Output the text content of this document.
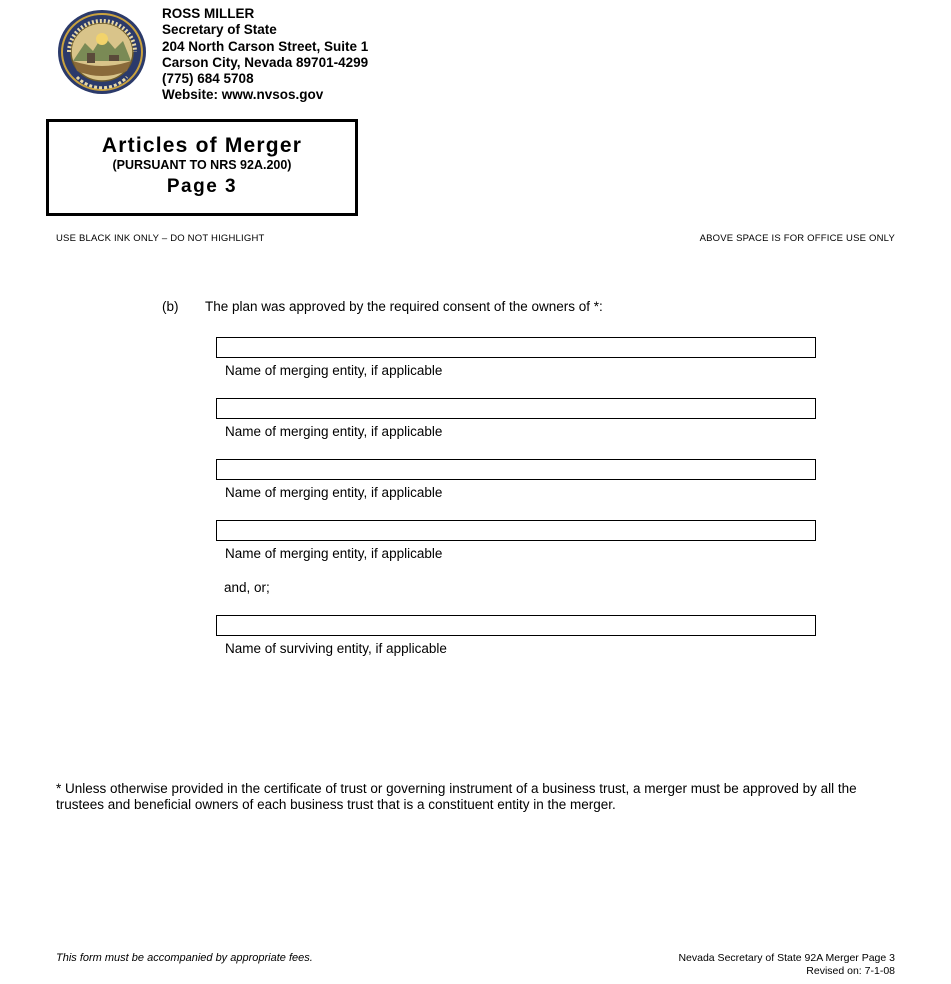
ROSS MILLER
Secretary of State
204 North Carson Street, Suite 1
Carson City, Nevada 89701-4299
(775) 684 5708
Website: www.nvsos.gov
Articles of Merger
(PURSUANT TO NRS 92A.200)
Page 3
USE BLACK INK ONLY – DO NOT HIGHLIGHT	ABOVE SPACE IS FOR OFFICE USE ONLY
(b) The plan was approved by the required consent of the owners of *:
Name of merging entity, if applicable
Name of merging entity, if applicable
Name of merging entity, if applicable
Name of merging entity, if applicable
and, or;
Name of surviving entity, if applicable
* Unless otherwise provided in the certificate of trust or governing instrument of a business trust, a merger must be approved by all the trustees and beneficial owners of each business trust that is a constituent entity in the merger.
This form must be accompanied by appropriate fees.	Nevada Secretary of State 92A Merger Page 3
Revised on: 7-1-08
